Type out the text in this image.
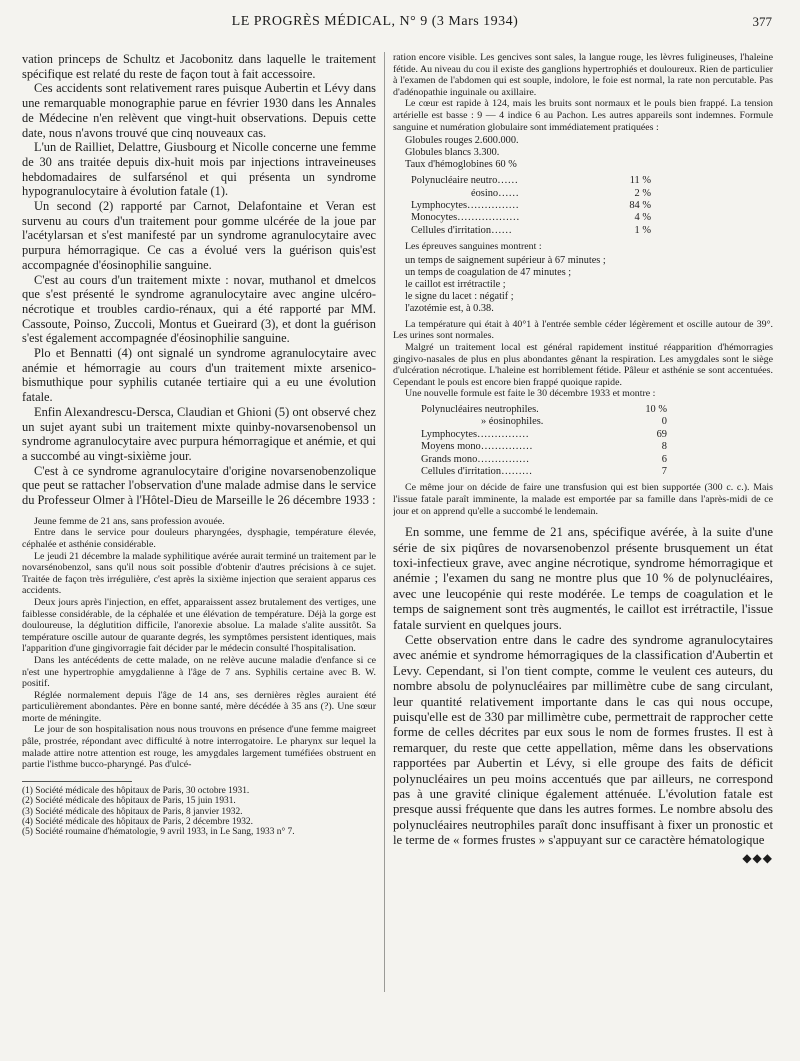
LE PROGRÈS MÉDICAL, N° 9 (3 Mars 1934)	377

vation princeps de Schultz et Jacobonitz dans laquelle le traitement spécifique est relaté du reste de façon tout à fait accessoire.

Ces accidents sont relativement rares puisque Aubertin et Lévy dans une remarquable monographie parue en février 1930 dans les Annales de Médecine n'en relèvent que vingt-huit observations. Depuis cette date, nous n'avons trouvé que cinq nouveaux cas.

L'un de Railliet, Delattre, Giusbourg et Nicolle concerne une femme de 30 ans traitée depuis dix-huit mois par injections intraveineuses hebdomadaires de sulfarsénol et qui présenta un syndrome hypogranulocytaire à évolution fatale (1).

Un second (2) rapporté par Carnot, Delafontaine et Veran est survenu au cours d'un traitement pour gomme ulcérée de la joue par l'acétylarsan et s'est manifesté par un syndrome agranulocytaire avec purpura hémorragique. Ce cas a évolué vers la guérison quis'est accompagnée d'éosinophilie sanguine.

C'est au cours d'un traitement mixte : novar, muthanol et dmelcos que s'est présenté le syndrome agranulocytaire avec angine ulcéro-nécrotique et troubles cardio-rénaux, qui a été rapporté par MM. Cassoute, Poinso, Zuccoli, Montus et Gueirard (3), et dont la guérison s'est également accompagnée d'éosinophilie sanguine.

Plo et Bennatti (4) ont signalé un syndrome agranulocytaire avec anémie et hémorragie au cours d'un traitement mixte arsenico-bismuthique pour syphilis cutanée tertiaire qui a eu une évolution fatale.

Enfin Alexandrescu-Dersca, Claudian et Ghioni (5) ont observé chez un sujet ayant subi un traitement mixte quinby-novarsenobensol un syndrome agranulocytaire avec purpura hémorragique et anémie, et qui a succombé au vingt-sixième jour.

C'est à ce syndrome agranulocytaire d'origine novarsenobenzolique que peut se rattacher l'observation d'une malade admise dans le service du Professeur Olmer à l'Hôtel-Dieu de Marseille le 26 décembre 1933 :

Jeune femme de 21 ans, sans profession avouée.

Entre dans le service pour douleurs pharyngées, dysphagie, température élevée, céphalée et asthénie considérable.

Le jeudi 21 décembre la malade syphilitique avérée aurait terminé un traitement par le novarsénobenzol, sans qu'il nous soit possible d'obtenir d'autres précisions à ce sujet. Traitée de façon très irrégulière, c'est après la sixième injection que seraient apparus ces accidents.

Deux jours après l'injection, en effet, apparaissent assez brutalement des vertiges, une faiblesse considérable, de la céphalée et une élévation de température. Déjà la gorge est douloureuse, la déglutition difficile, l'anorexie absolue. La malade s'alite aussitôt. Sa température oscille autour de quarante degrés, les symptômes persistent identiques, mais l'apparition d'une gingivorragie fait décider par le médecin consulté l'hospitalisation.

Dans les antécédents de cette malade, on ne relève aucune maladie d'enfance si ce n'est une hypertrophie amygdalienne à l'âge de 7 ans. Syphilis certaine avec B. W. positif.

Réglée normalement depuis l'âge de 14 ans, ses dernières règles auraient été particulièrement abondantes. Père en bonne santé, mère décédée à 35 ans (?). Une sœur morte de méningite.

Le jour de son hospitalisation nous nous trouvons en présence d'une femme maigreet pâle, prostrée, répondant avec difficulté à notre interrogatoire. Le pharynx sur lequel la malade attire notre attention est rouge, les amygdales largement tuméfiées obstruent en partie l'isthme bucco-pharyngé. Pas d'ulcé-

(1) Société médicale des hôpitaux de Paris, 30 octobre 1931.

(2) Société médicale des hôpitaux de Paris, 15 juin 1931.

(3) Société médicale des hôpitaux de Paris, 8 janvier 1932.

(4) Société médicale des hôpitaux de Paris, 2 décembre 1932.

(5) Société roumaine d'hématologie, 9 avril 1933, in Le Sang, 1933 n° 7.

ration encore visible. Les gencives sont sales, la langue rouge, les lèvres fuligineuses, l'haleine fétide. Au niveau du cou il existe des ganglions hypertrophiés et douloureux. Rien de particulier à l'examen de l'abdomen qui est souple, indolore, le foie est normal, la rate non percutable. Pas d'adénopathie inguinale ou axillaire.

Le cœur est rapide à 124, mais les bruits sont normaux et le pouls bien frappé. La tension artérielle est basse : 9 — 4 indice 6 au Pachon. Les autres appareils sont indemnes. Formule sanguine et numération globulaire sont immédiatement pratiquées :

Globules rouges 2.600.000.

Globules blancs 3.300.

Taux d'hémoglobines 60 %

Polynucléaire neutro……	11 %
éosino……	2 %
Lymphocytes……………	84 %
Monocytes………………	4 %
Cellules d'irritation……	1 %

Les épreuves sanguines montrent :

un temps de saignement supérieur à 67 minutes ;

un temps de coagulation de 47 minutes ;

le caillot est irrétractile ;

le signe du lacet : négatif ;

l'azotémie est, à 0.38.

La température qui était à 40°1 à l'entrée semble céder légèrement et oscille autour de 39°. Les urines sont normales.

Malgré un traitement local est général rapidement institué réapparition d'hémorragies gingivo-nasales de plus en plus abondantes gênant la respiration. Les amygdales sont le siège d'ulcération nécrotique. L'haleine est horriblement fétide. Pâleur et asthénie se sont accentuées. Cependant le pouls est encore bien frappé quoique rapide.

Une nouvelle formule est faite le 30 décembre 1933 et montre :

Polynucléaires neutrophiles.	10 %
» éosinophiles.	0
Lymphocytes……………	69
Moyens mono……………	8
Grands mono……………	6
Cellules d'irritation………	7

Ce même jour on décide de faire une transfusion qui est bien supportée (300 c. c.). Mais l'issue fatale paraît imminente, la malade est emportée par sa famille dans l'après-midi de ce jour et on apprend qu'elle a succombé le lendemain.

En somme, une femme de 21 ans, spécifique avérée, à la suite d'une série de six piqûres de novarsenobenzol présente brusquement un état toxi-infectieux grave, avec angine nécrotique, syndrome hémorragique et anémie ; l'examen du sang ne montre plus que 10 % de polynucléaires, avec une leucopénie qui reste modérée. Le temps de coagulation et le temps de saignement sont très augmentés, le caillot est irrétractile, l'issue fatale survient en quelques jours.

Cette observation entre dans le cadre des syndrome agranulocytaires avec anémie et syndrome hémorragiques de la classification d'Aubertin et Levy. Cependant, si l'on tient compte, comme le veulent ces auteurs, du nombre absolu de polynucléaires par millimètre cube de sang circulant, leur quantité relativement importante dans le cas qui nous occupe, puisqu'elle est de 330 par millimètre cube, permettrait de rapprocher cette forme de celles décrites par eux sous le nom de formes frustes. Il est à remarquer, du reste que cette appellation, même dans les observations rapportées par Aubertin et Lévy, si elle groupe des faits de déficit polynucléaires un peu moins accentués que par ailleurs, ne correspond pas à une gravité clinique également atténuée. L'évolution fatale est presque aussi fréquente que dans les autres formes. Le nombre absolu des polynucléaires neutrophiles paraît donc insuffisant à fixer un pronostic et le terme de « formes frustes » s'appuyant sur ce caractère hématologique

◆◆◆
